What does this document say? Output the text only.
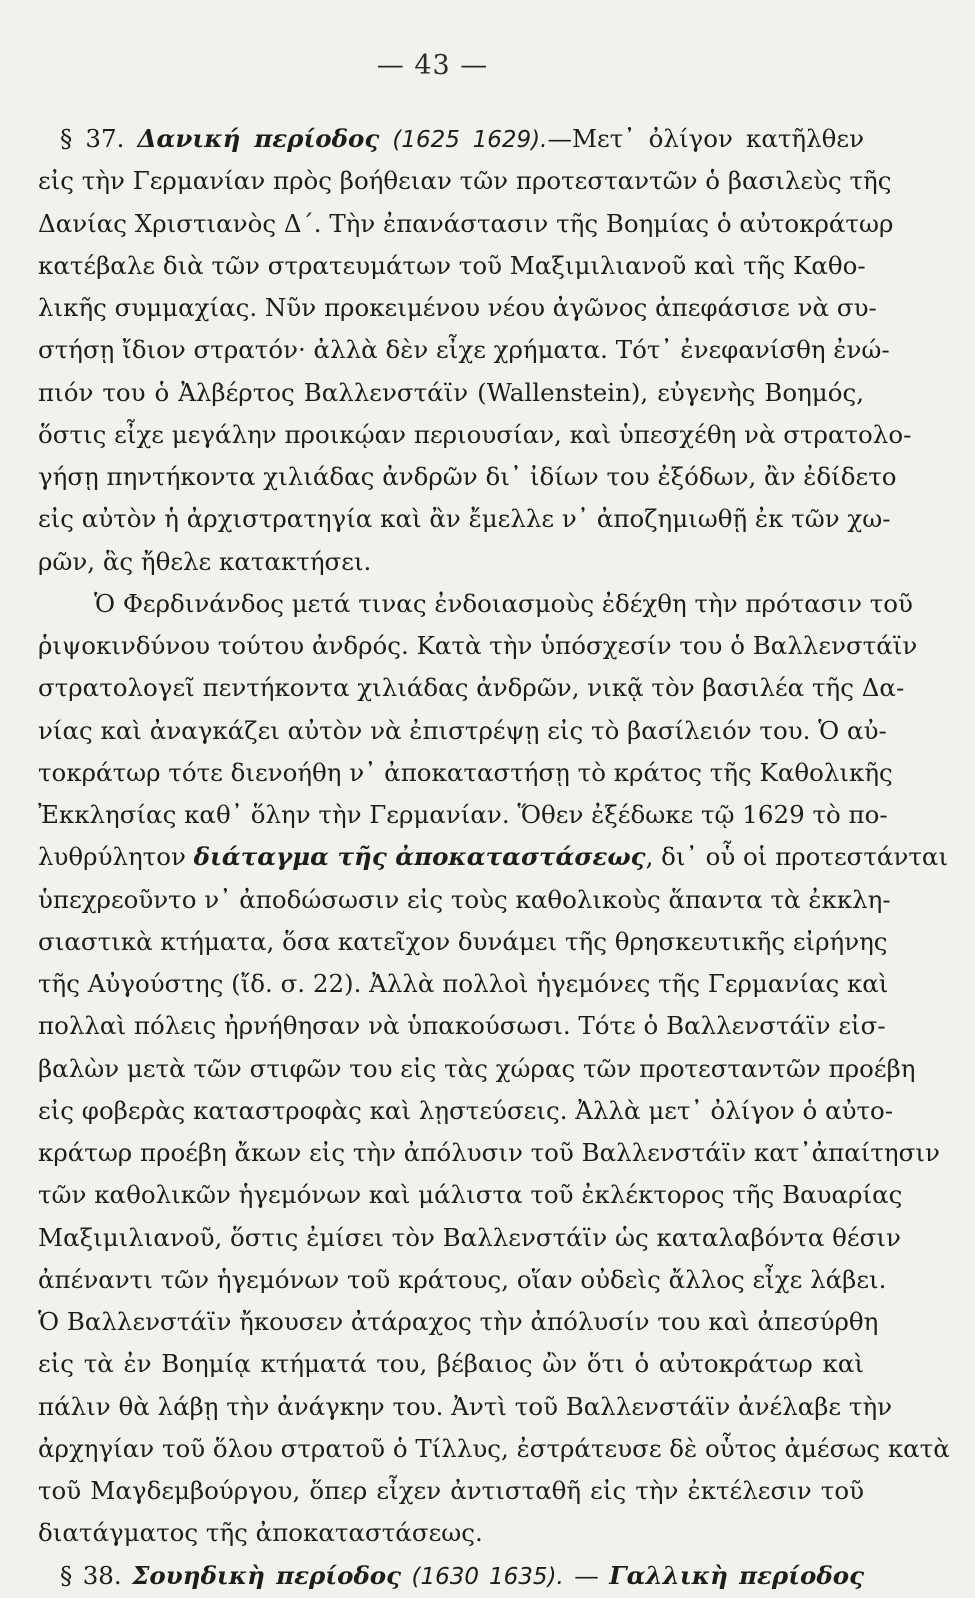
— 43 —
§ 37. Δανική περίοδος (1625 1629).—Μετ᾽ ὀλίγον κατῆλθεν
εἰς τὴν Γερμανίαν πρὸς βοήθειαν τῶν προτεσταντῶν ὁ βασιλεὺς τῆς
Δανίας Χριστιανὸς Δ΄. Τὴν ἐπανάστασιν τῆς Βοημίας ὁ αὐτοκράτωρ
κατέβαλε διὰ τῶν στρατευμάτων τοῦ Μαξιμιλιανοῦ καὶ τῆς Καθο-
λικῆς συμμαχίας. Νῦν προκειμένου νέου ἀγῶνος ἀπεφάσισε νὰ συ-
στήσῃ ἴδιον στρατόν· ἀλλὰ δὲν εἶχε χρήματα. Τότ᾽ ἐνεφανίσθη ἐνώ-
πιόν του ὁ Ἀλβέρτος Βαλλενστάϊν (Wallenstein), εὐγενὴς Βοημός,
ὅστις εἶχε μεγάλην προικῴαν περιουσίαν, καὶ ὑπεσχέθη νὰ στρατολο-
γήσῃ πηντήκοντα χιλιάδας ἀνδρῶν δι᾽ ἰδίων του ἐξόδων, ἂν ἐδίδετο
εἰς αὐτὸν ἡ ἀρχιστρατηγία καὶ ἂν ἔμελλε ν᾽ ἀποζημιωθῇ ἐκ τῶν χω-
ρῶν, ἃς ἤθελε κατακτήσει.
Ὁ Φερδινάνδος μετά τινας ἐνδοιασμοὺς ἐδέχθη τὴν πρότασιν τοῦ
ῥιψοκινδύνου τούτου ἀνδρός. Κατὰ τὴν ὑπόσχεσίν του ὁ Βαλλενστάϊν
στρατολογεῖ πεντήκοντα χιλιάδας ἀνδρῶν, νικᾷ τὸν βασιλέα τῆς Δα-
νίας καὶ ἀναγκάζει αὐτὸν νὰ ἐπιστρέψῃ εἰς τὸ βασίλειόν του. Ὁ αὐ-
τοκράτωρ τότε διενοήθη ν᾽ ἀποκαταστήσῃ τὸ κράτος τῆς Καθολικῆς
Ἐκκλησίας καθ᾽ ὅλην τὴν Γερμανίαν. Ὅθεν ἐξέδωκε τῷ 1629 τὸ πο-
λυθρύλητον διάταγμα τῆς ἀποκαταστάσεως, δι᾽ οὗ οἱ προτεστάνται
ὑπεχρεοῦντο ν᾽ ἀποδώσωσιν εἰς τοὺς καθολικοὺς ἅπαντα τὰ ἐκκλη-
σιαστικὰ κτήματα, ὅσα κατεῖχον δυνάμει τῆς θρησκευτικῆς εἰρήνης
τῆς Αὐγούστης (ἴδ. σ. 22). Ἀλλὰ πολλοὶ ἡγεμόνες τῆς Γερμανίας καὶ
πολλαὶ πόλεις ἠρνήθησαν νὰ ὑπακούσωσι. Τότε ὁ Βαλλενστάϊν εἰσ-
βαλὼν μετὰ τῶν στιφῶν του εἰς τὰς χώρας τῶν προτεσταντῶν προέβη
εἰς φοβερὰς καταστροφὰς καὶ λῃστεύσεις. Ἀλλὰ μετ᾽ ὀλίγον ὁ αὐτο-
κράτωρ προέβη ἄκων εἰς τὴν ἀπόλυσιν τοῦ Βαλλενστάϊν κατ᾽ἀπαίτησιν
τῶν καθολικῶν ἡγεμόνων καὶ μάλιστα τοῦ ἐκλέκτορος τῆς Βαυαρίας
Μαξιμιλιανοῦ, ὅστις ἐμίσει τὸν Βαλλενστάϊν ὡς καταλαβόντα θέσιν
ἀπέναντι τῶν ἡγεμόνων τοῦ κράτους, οἵαν οὐδεὶς ἄλλος εἶχε λάβει.
Ὁ Βαλλενστάϊν ἤκουσεν ἀτάραχος τὴν ἀπόλυσίν του καὶ ἀπεσύρθη
εἰς τὰ ἐν Βοημίᾳ κτήματά του, βέβαιος ὢν ὅτι ὁ αὐτοκράτωρ καὶ
πάλιν θὰ λάβῃ τὴν ἀνάγκην του. Ἀντὶ τοῦ Βαλλενστάϊν ἀνέλαβε τὴν
ἀρχηγίαν τοῦ ὅλου στρατοῦ ὁ Τίλλυς, ἐστράτευσε δὲ οὗτος ἀμέσως κατὰ
τοῦ Μαγδεμβούργου, ὅπερ εἶχεν ἀντισταθῆ εἰς τὴν ἐκτέλεσιν τοῦ
διατάγματος τῆς ἀποκαταστάσεως.
§ 38. Σουηδικὴ περίοδος (1630 1635). — Γαλλικὴ περίοδος
